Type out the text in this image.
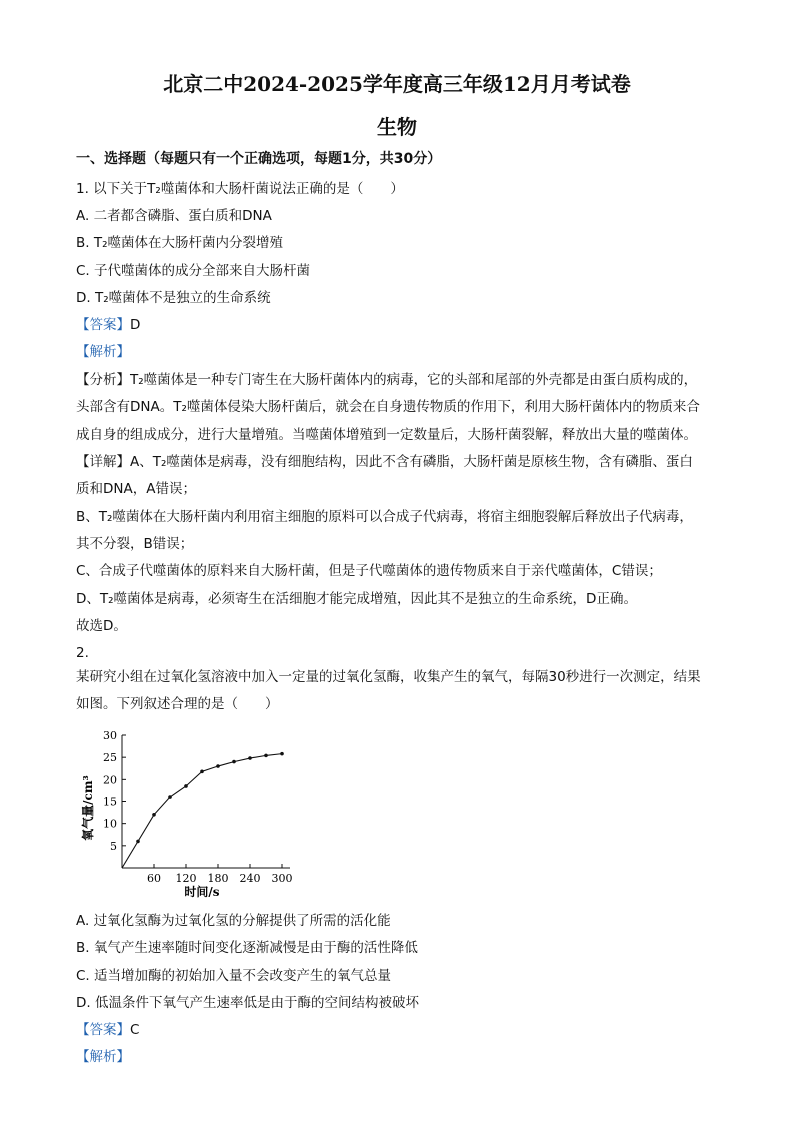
北京二中2024-2025学年度高三年级12月月考试卷
生物
一、选择题（每题只有一个正确选项，每题1分，共30分）
1. 以下关于T₂噬菌体和大肠杆菌说法正确的是（　　）
A. 二者都含磷脂、蛋白质和DNA
B. T₂噬菌体在大肠杆菌内分裂增殖
C. 子代噬菌体的成分全部来自大肠杆菌
D. T₂噬菌体不是独立的生命系统
【答案】D
【解析】
【分析】T₂噬菌体是一种专门寄生在大肠杆菌体内的病毒，它的头部和尾部的外壳都是由蛋白质构成的，
头部含有DNA。T₂噬菌体侵染大肠杆菌后，就会在自身遗传物质的作用下，利用大肠杆菌体内的物质来合
成自身的组成成分，进行大量增殖。当噬菌体增殖到一定数量后，大肠杆菌裂解，释放出大量的噬菌体。
【详解】A、T₂噬菌体是病毒，没有细胞结构，因此不含有磷脂，大肠杆菌是原核生物，含有磷脂、蛋白
质和DNA，A错误；
B、T₂噬菌体在大肠杆菌内利用宿主细胞的原料可以合成子代病毒，将宿主细胞裂解后释放出子代病毒，
其不分裂，B错误；
C、合成子代噬菌体的原料来自大肠杆菌，但是子代噬菌体的遗传物质来自于亲代噬菌体，C错误；
D、T₂噬菌体是病毒，必须寄生在活细胞才能完成增殖，因此其不是独立的生命系统，D正确。
故选D。
2.
某研究小组在过氧化氢溶液中加入一定量的过氧化氢酶，收集产生的氧气，每隔30秒进行一次测定，结果
如图。下列叙述合理的是（　　）
5
10
15
20
25
30
60 120 180 240 300
氧气量/cm³
时间/s
A. 过氧化氢酶为过氧化氢的分解提供了所需的活化能
B. 氧气产生速率随时间变化逐渐减慢是由于酶的活性降低
C. 适当增加酶的初始加入量不会改变产生的氧气总量
D. 低温条件下氧气产生速率低是由于酶的空间结构被破坏
【答案】C
【解析】
